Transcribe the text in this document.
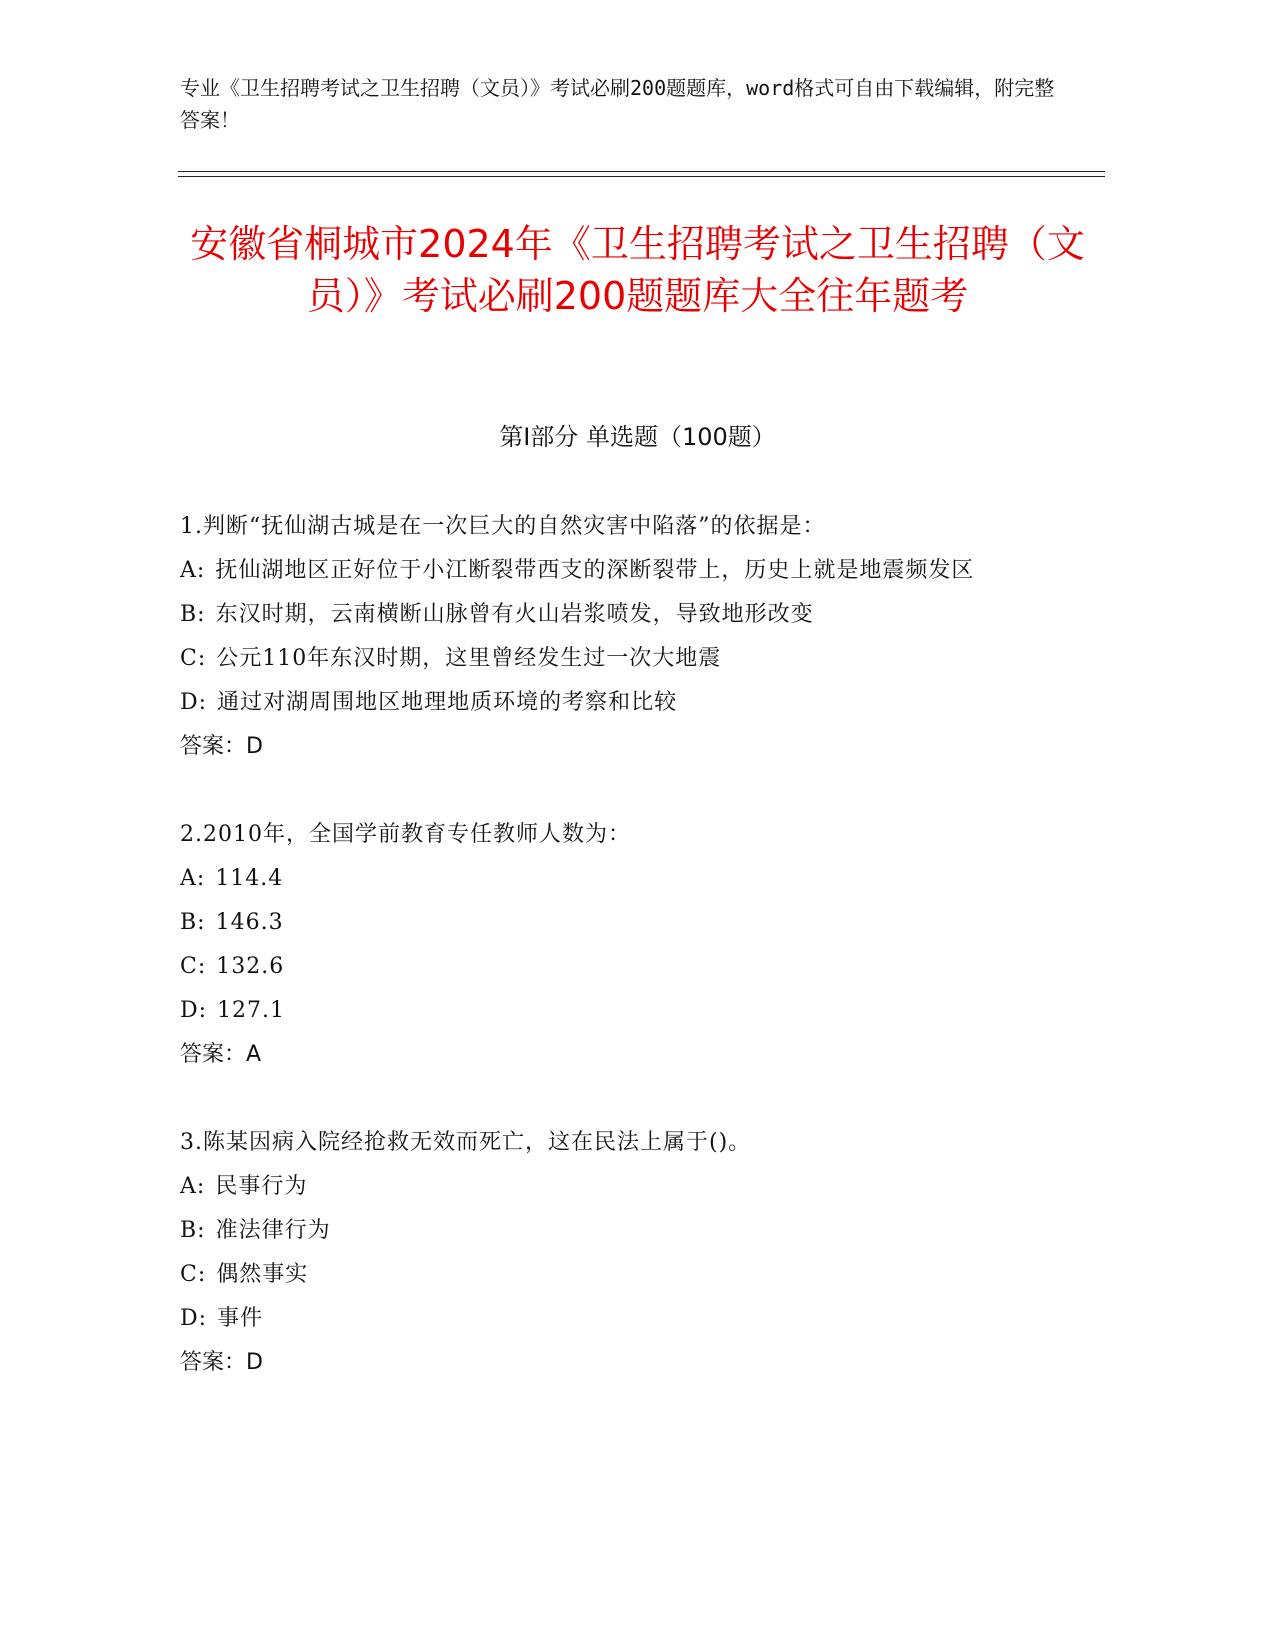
专业《卫生招聘考试之卫生招聘（文员）》考试必刷200题题库，word格式可自由下载编辑，附完整答案！
安徽省桐城市2024年《卫生招聘考试之卫生招聘（文员）》考试必刷200题题库大全往年题考
第Ⅰ部分 单选题（100题）
1.判断“抚仙湖古城是在一次巨大的自然灾害中陷落”的依据是：
A: 抚仙湖地区正好位于小江断裂带西支的深断裂带上，历史上就是地震频发区
B: 东汉时期，云南横断山脉曾有火山岩浆喷发，导致地形改变
C: 公元110年东汉时期，这里曾经发生过一次大地震
D: 通过对湖周围地区地理地质环境的考察和比较
答案：D
2.2010年，全国学前教育专任教师人数为：
A: 114.4
B: 146.3
C: 132.6
D: 127.1
答案：A
3.陈某因病入院经抢救无效而死亡，这在民法上属于()。
A: 民事行为
B: 准法律行为
C: 偶然事实
D: 事件
答案：D
